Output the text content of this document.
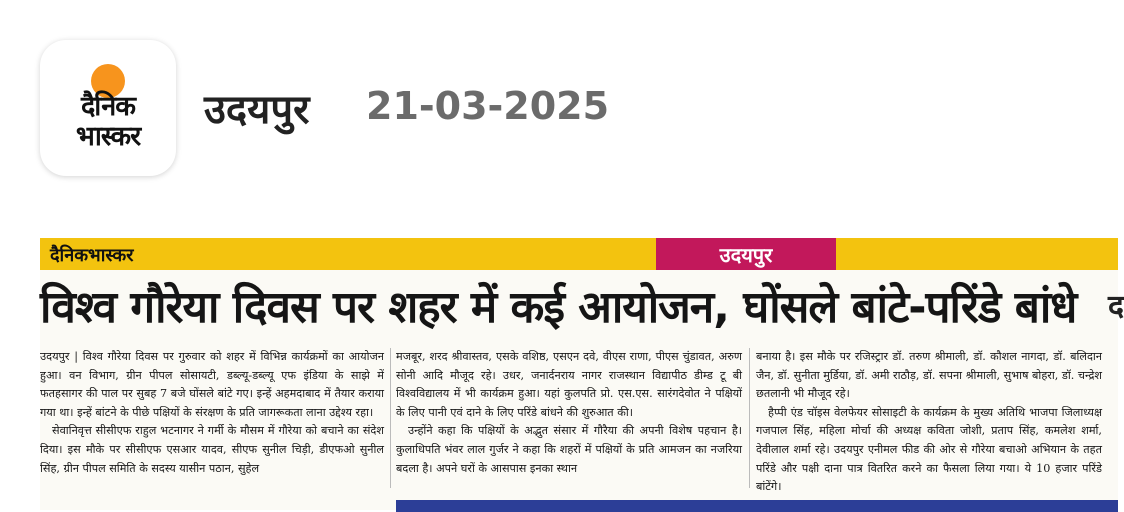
दैनिक
भास्कर
उदयपुर 21-03-2025
दैनिकभास्कर	उदयपुर
विश्व गौरेया दिवस पर शहर में कई आयोजन, घोंसले बांटे-परिंडे बांधे	द

उदयपुर | विश्व गौरेया दिवस पर गुरुवार को शहर में विभिन्न कार्यक्रमों का आयोजन हुआ। वन विभाग, ग्रीन पीपल सोसायटी, डब्ल्यू-डब्ल्यू एफ इंडिया के साझे में फतहसागर की पाल पर सुबह 7 बजे घोंसले बांटे गए। इन्हें अहमदाबाद में तैयार कराया गया था। इन्हें बांटने के पीछे पक्षियों के संरक्षण के प्रति जागरूकता लाना उद्देश्य रहा।

सेवानिवृत्त सीसीएफ राहुल भटनागर ने गर्मी के मौसम में गौरेया को बचाने का संदेश दिया। इस मौके पर सीसीएफ एसआर यादव, सीएफ सुनील चिड़ी, डीएफओ सुनील सिंह, ग्रीन पीपल समिति के सदस्य यासीन पठान, सुहेल

मजबूर, शरद श्रीवास्तव, एसके वशिष्ठ, एसएन दवे, वीएस राणा, पीएस चुंडावत, अरुण सोनी आदि मौजूद रहे। उधर, जनार्दनराय नागर राजस्थान विद्यापीठ डीम्ड टू बी विश्वविद्यालय में भी कार्यक्रम हुआ। यहां कुलपति प्रो. एस.एस. सारंगदेवोत ने पक्षियों के लिए पानी एवं दाने के लिए परिंडे बांधने की शुरुआत की।

उन्होंने कहा कि पक्षियों के अद्भुत संसार में गौरैया की अपनी विशेष पहचान है। कुलाधिपति भंवर लाल गुर्जर ने कहा कि शहरों में पक्षियों के प्रति आमजन का नजरिया बदला है। अपने घरों के आसपास इनका स्थान

बनाया है। इस मौके पर रजिस्ट्रार डॉ. तरुण श्रीमाली, डॉ. कौशल नागदा, डॉ. बलिदान जैन, डॉ. सुनीता मुर्डिया, डॉ. अमी राठौड़, डॉ. सपना श्रीमाली, सुभाष बोहरा, डॉ. चन्द्रेश छतलानी भी मौजूद रहे।

हैप्पी एंड चॉइस वेलफेयर सोसाइटी के कार्यक्रम के मुख्य अतिथि भाजपा जिलाध्यक्ष गजपाल सिंह, महिला मोर्चा की अध्यक्ष कविता जोशी, प्रताप सिंह, कमलेश शर्मा, देवीलाल शर्मा रहे। उदयपुर एनीमल फीड की ओर से गौरेया बचाओ अभियान के तहत परिंडे और पक्षी दाना पात्र वितरित करने का फैसला लिया गया। ये 10 हजार परिंडे बांटेंगे।
